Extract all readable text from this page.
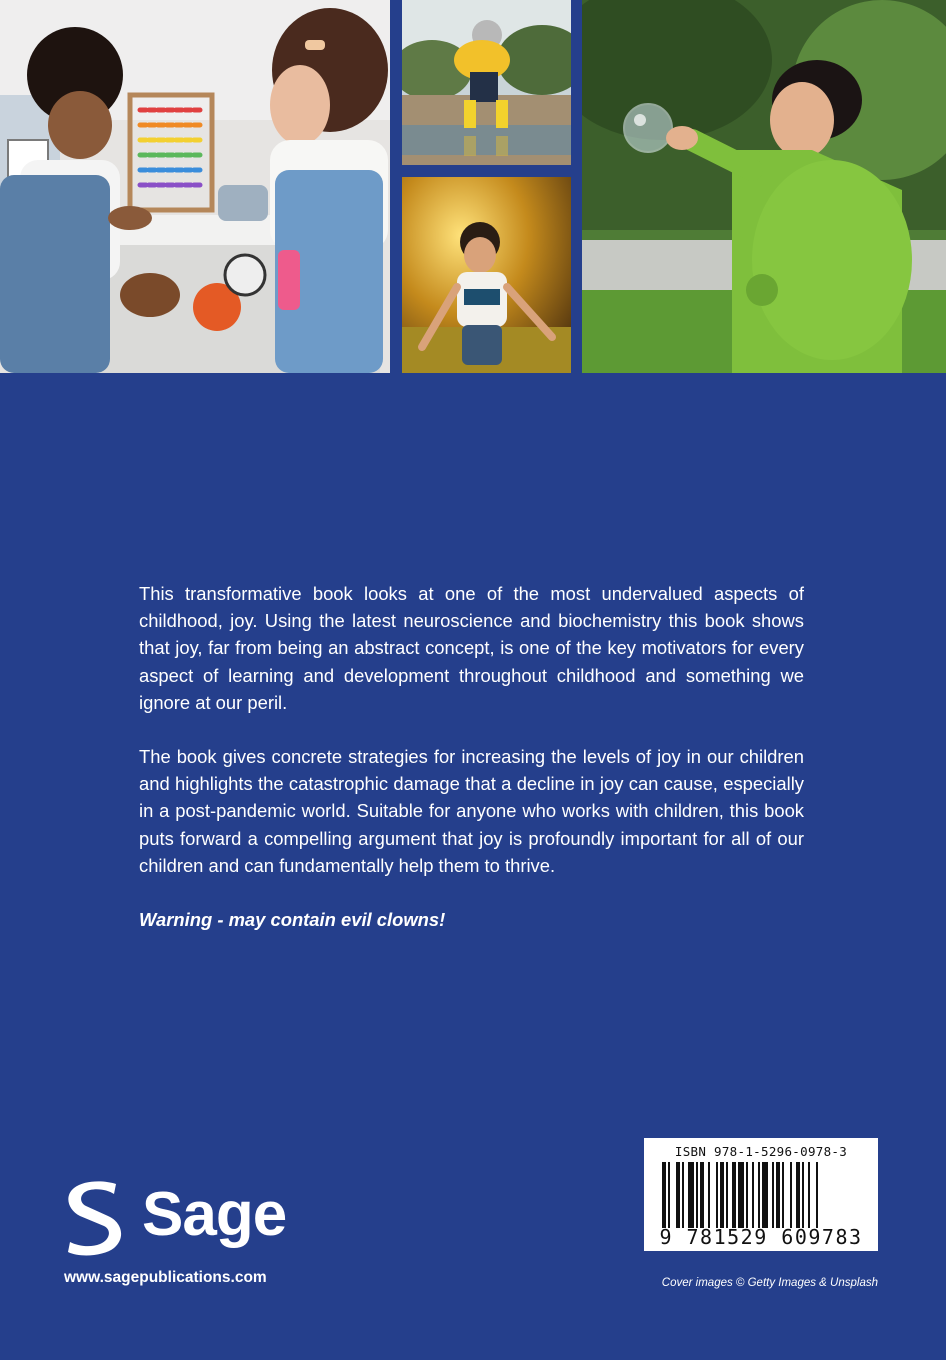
This transformative book looks at one of the most undervalued aspects of childhood, joy. Using the latest neuroscience and biochemistry this book shows that joy, far from being an abstract concept, is one of the key motivators for every aspect of learning and development throughout childhood and something we ignore at our peril.

The book gives concrete strategies for increasing the levels of joy in our children and highlights the catastrophic damage that a decline in joy can cause, especially in a post-pandemic world. Suitable for anyone who works with children, this book puts forward a compelling argument that joy is profoundly important for all of our children and can fundamentally help them to thrive.

Warning - may contain evil clowns!

Sage
www.sagepublications.com
ISBN 978-1-5296-0978-3
9 781529 609783
Cover images © Getty Images & Unsplash
